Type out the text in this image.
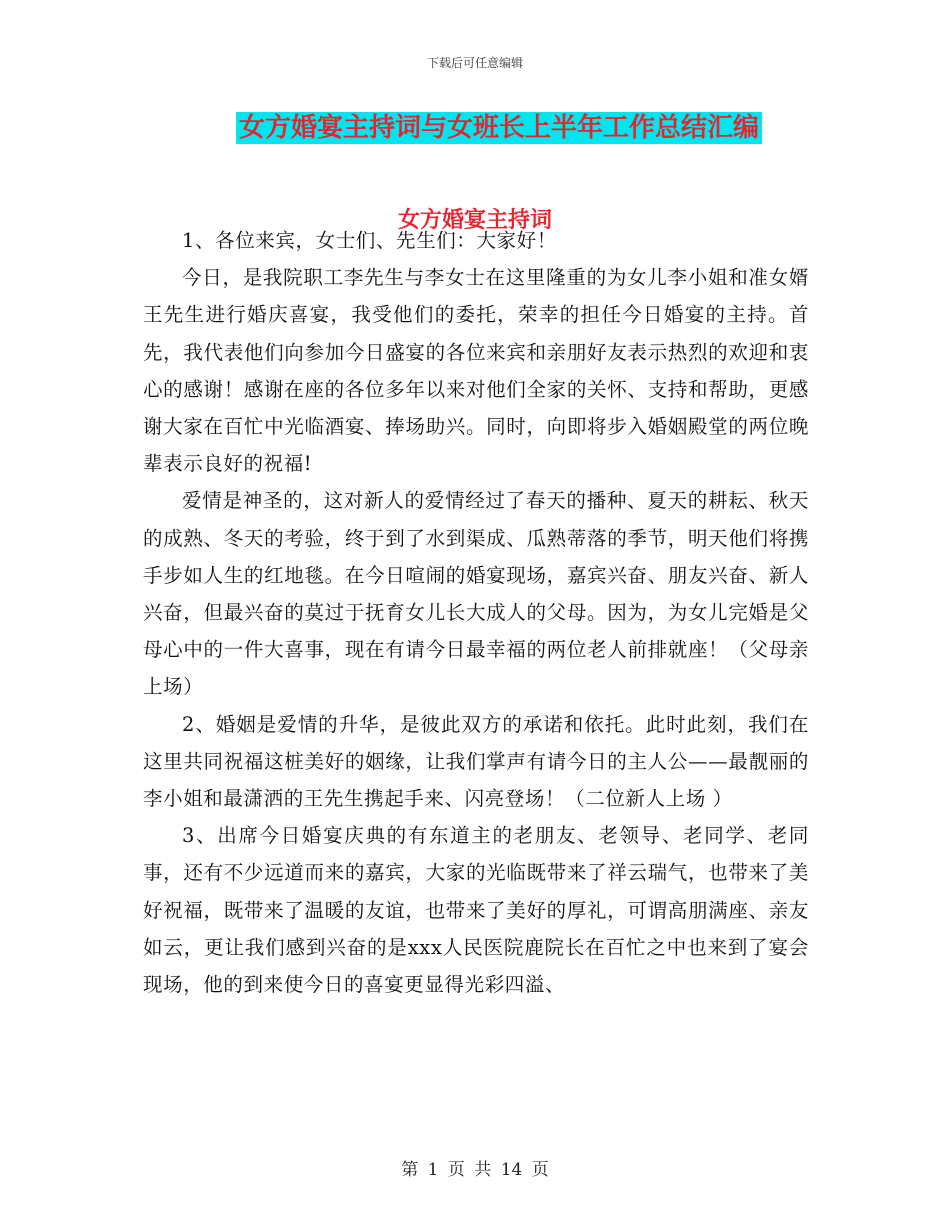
下载后可任意编辑
女方婚宴主持词与女班长上半年工作总结汇编
女方婚宴主持词

1、各位来宾，女士们、先生们：大家好！

今日，是我院职工李先生与李女士在这里隆重的为女儿李小姐和准女婿王先生进行婚庆喜宴，我受他们的委托，荣幸的担任今日婚宴的主持。首先，我代表他们向参加今日盛宴的各位来宾和亲朋好友表示热烈的欢迎和衷心的感谢！感谢在座的各位多年以来对他们全家的关怀、支持和帮助，更感谢大家在百忙中光临酒宴、捧场助兴。同时，向即将步入婚姻殿堂的两位晚辈表示良好的祝福!

爱情是神圣的，这对新人的爱情经过了春天的播种、夏天的耕耘、秋天的成熟、冬天的考验，终于到了水到渠成、瓜熟蒂落的季节，明天他们将携手步如人生的红地毯。在今日喧闹的婚宴现场，嘉宾兴奋、朋友兴奋、新人兴奋，但最兴奋的莫过于抚育女儿长大成人的父母。因为，为女儿完婚是父母心中的一件大喜事，现在有请今日最幸福的两位老人前排就座！（父母亲上场）

2、婚姻是爱情的升华，是彼此双方的承诺和依托。此时此刻，我们在这里共同祝福这桩美好的姻缘，让我们掌声有请今日的主人公——最靓丽的李小姐和最潇洒的王先生携起手来、闪亮登场！（二位新人上场 ）

3、出席今日婚宴庆典的有东道主的老朋友、老领导、老同学、老同事，还有不少远道而来的嘉宾，大家的光临既带来了祥云瑞气，也带来了美好祝福，既带来了温暖的友谊，也带来了美好的厚礼，可谓高朋满座、亲友如云，更让我们感到兴奋的是xxx人民医院鹿院长在百忙之中也来到了宴会现场，他的到来使今日的喜宴更显得光彩四溢、

第 1 页 共 14 页
